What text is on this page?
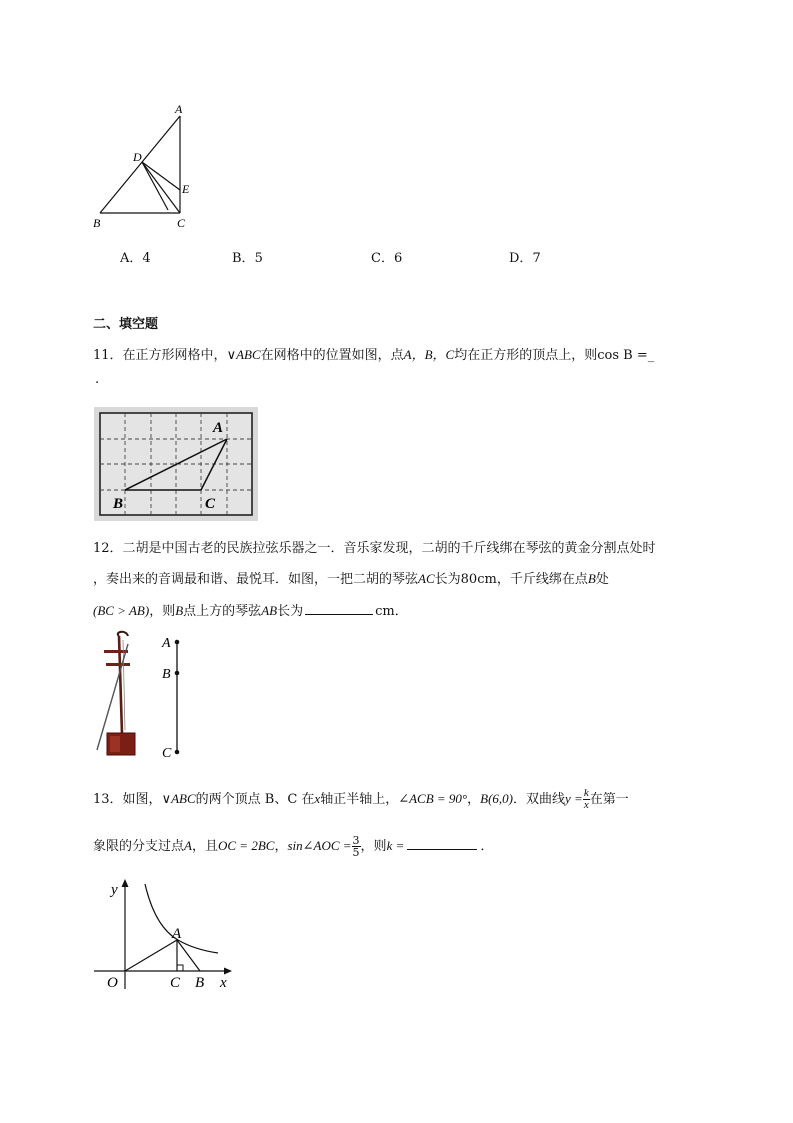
A
D
E
B	C
A．4	B．5	C．6	D．7
二、填空题
11．在正方形网格中，∨ABC在网格中的位置如图，点A，B，C均在正方形的顶点上，则cos B =_
.
A
B	C
12．二胡是中国古老的民族拉弦乐器之一．音乐家发现，二胡的千斤线绑在琴弦的黄金分割点处时
，奏出来的音调最和谐、最悦耳．如图，一把二胡的琴弦AC长为80cm，千斤线绑在点B处
(BC > AB)，则B点上方的琴弦AB长为	cm．
A
B
C
13．如图，∨ABC的两个顶点 B、C 在x轴正半轴上，∠ACB = 90°，B(6,0)．双曲线$y = \frac{k}{x}$ 在第一
象限的分支过点A，且OC = 2BC，sin∠AOC = $\frac{3}{5}$ ，则k =	．
y
A
O	C B x
